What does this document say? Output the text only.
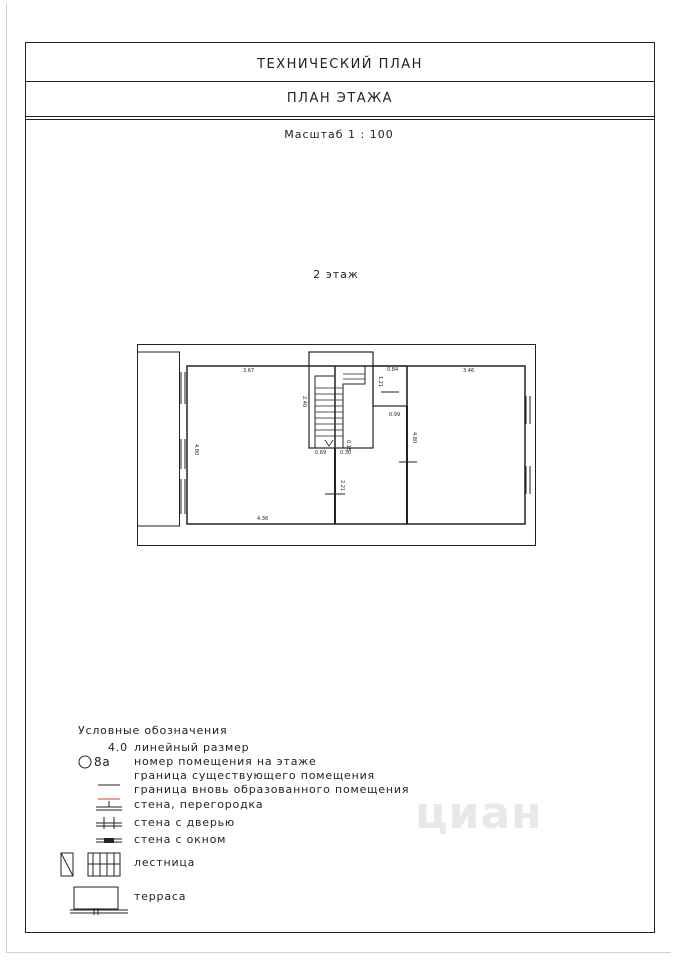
ТЕХНИЧЕСКИЙ ПЛАН
ПЛАН ЭТАЖА
Масштаб 1 : 100
2 этаж
3.67	3.46
4.80
4.80
4.36
0.84
1.21
0.99
2.40
0.69	0.30
0.15
2.21
Условные обозначения
4.0 линейный размер
8а номер помещения на этаже
граница существующего помещения
граница вновь образованного помещения
стена, перегородка
стена с дверью
стена с окном
лестница
терраса
циан
